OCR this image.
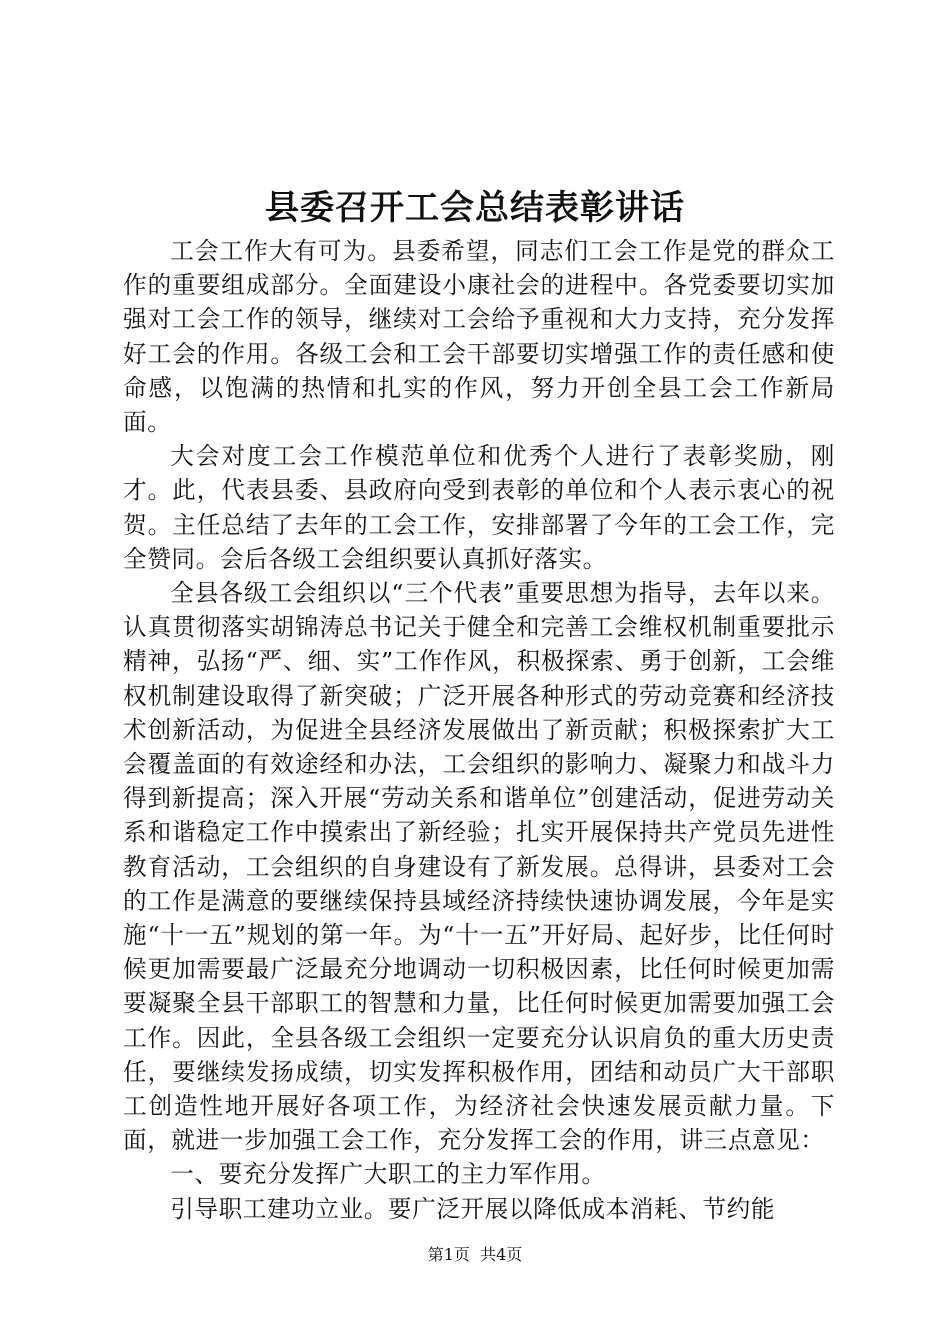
县委召开工会总结表彰讲话

工会工作大有可为。县委希望，同志们工会工作是党的群众工作的重要组成部分。全面建设小康社会的进程中。各党委要切实加强对工会工作的领导，继续对工会给予重视和大力支持，充分发挥好工会的作用。各级工会和工会干部要切实增强工作的责任感和使命感，以饱满的热情和扎实的作风，努力开创全县工会工作新局面。

大会对度工会工作模范单位和优秀个人进行了表彰奖励，刚才。此，代表县委、县政府向受到表彰的单位和个人表示衷心的祝贺。主任总结了去年的工会工作，安排部署了今年的工会工作，完全赞同。会后各级工会组织要认真抓好落实。

全县各级工会组织以“三个代表”重要思想为指导，去年以来。认真贯彻落实胡锦涛总书记关于健全和完善工会维权机制重要批示精神，弘扬“严、细、实”工作作风，积极探索、勇于创新，工会维权机制建设取得了新突破；广泛开展各种形式的劳动竞赛和经济技术创新活动，为促进全县经济发展做出了新贡献；积极探索扩大工会覆盖面的有效途经和办法，工会组织的影响力、凝聚力和战斗力得到新提高；深入开展“劳动关系和谐单位”创建活动，促进劳动关系和谐稳定工作中摸索出了新经验；扎实开展保持共产党员先进性教育活动，工会组织的自身建设有了新发展。总得讲，县委对工会的工作是满意的要继续保持县域经济持续快速协调发展，今年是实施“十一五”规划的第一年。为“十一五”开好局、起好步，比任何时候更加需要最广泛最充分地调动一切积极因素，比任何时候更加需要凝聚全县干部职工的智慧和力量，比任何时候更加需要加强工会工作。因此，全县各级工会组织一定要充分认识肩负的重大历史责任，要继续发扬成绩，切实发挥积极作用，团结和动员广大干部职工创造性地开展好各项工作，为经济社会快速发展贡献力量。下面，就进一步加强工会工作，充分发挥工会的作用，讲三点意见：

一、要充分发挥广大职工的主力军作用。

引导职工建功立业。要广泛开展以降低成本消耗、节约能

第1页 共4页
